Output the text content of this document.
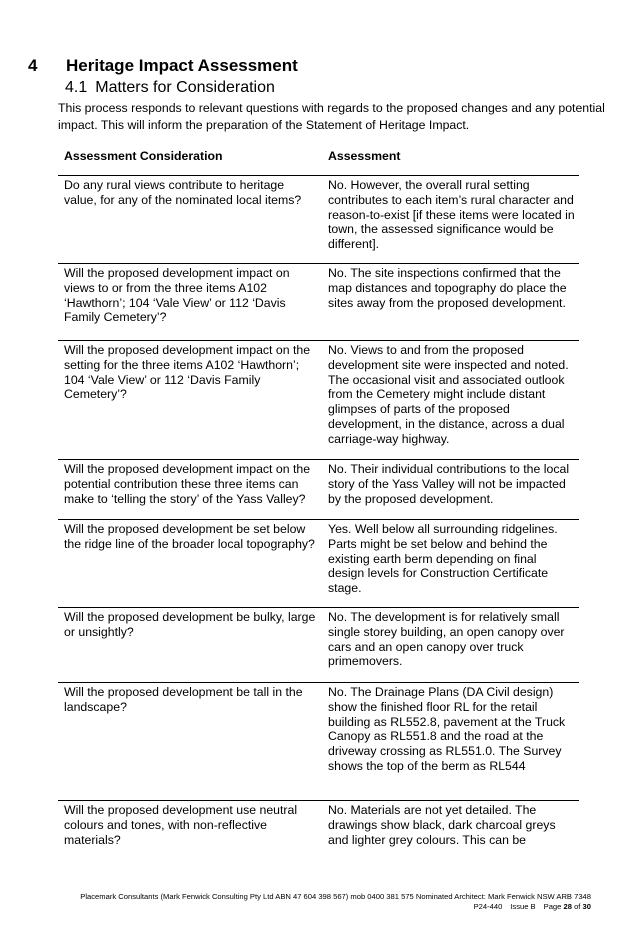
4 Heritage Impact Assessment
4.1 Matters for Consideration
This process responds to relevant questions with regards to the proposed changes and any potential impact. This will inform the preparation of the Statement of Heritage Impact.
Assessment Consideration	Assessment
Do any rural views contribute to heritage value, for any of the nominated local items?
No. However, the overall rural setting contributes to each item’s rural character and reason-to-exist [if these items were located in town, the assessed significance would be different].
Will the proposed development impact on views to or from the three items A102 ‘Hawthorn’; 104 ‘Vale View’ or 112 ‘Davis Family Cemetery’?
No. The site inspections confirmed that the map distances and topography do place the sites away from the proposed development.
Will the proposed development impact on the setting for the three items A102 ‘Hawthorn’; 104 ‘Vale View’ or 112 ‘Davis Family Cemetery’?
No. Views to and from the proposed development site were inspected and noted. The occasional visit and associated outlook from the Cemetery might include distant glimpses of parts of the proposed development, in the distance, across a dual carriage-way highway.
Will the proposed development impact on the potential contribution these three items can make to ‘telling the story’ of the Yass Valley?
No. Their individual contributions to the local story of the Yass Valley will not be impacted by the proposed development.
Will the proposed development be set below the ridge line of the broader local topography?
Yes. Well below all surrounding ridgelines. Parts might be set below and behind the existing earth berm depending on final design levels for Construction Certificate stage.
Will the proposed development be bulky, large or unsightly?
No. The development is for relatively small single storey building, an open canopy over cars and an open canopy over truck primemovers.
Will the proposed development be tall in the landscape?
No. The Drainage Plans (DA Civil design) show the finished floor RL for the retail building as RL552.8, pavement at the Truck Canopy as RL551.8 and the road at the driveway crossing as RL551.0. The Survey shows the top of the berm as RL544
Will the proposed development use neutral colours and tones, with non-reflective materials?
No. Materials are not yet detailed. The drawings show black, dark charcoal greys and lighter grey colours. This can be
Placemark Consultants (Mark Fenwick Consulting Pty Ltd ABN 47 604 398 567) mob 0400 381 575 Nominated Architect: Mark Fenwick NSW ARB 7348
P24-440 Issue B Page 28 of 30
